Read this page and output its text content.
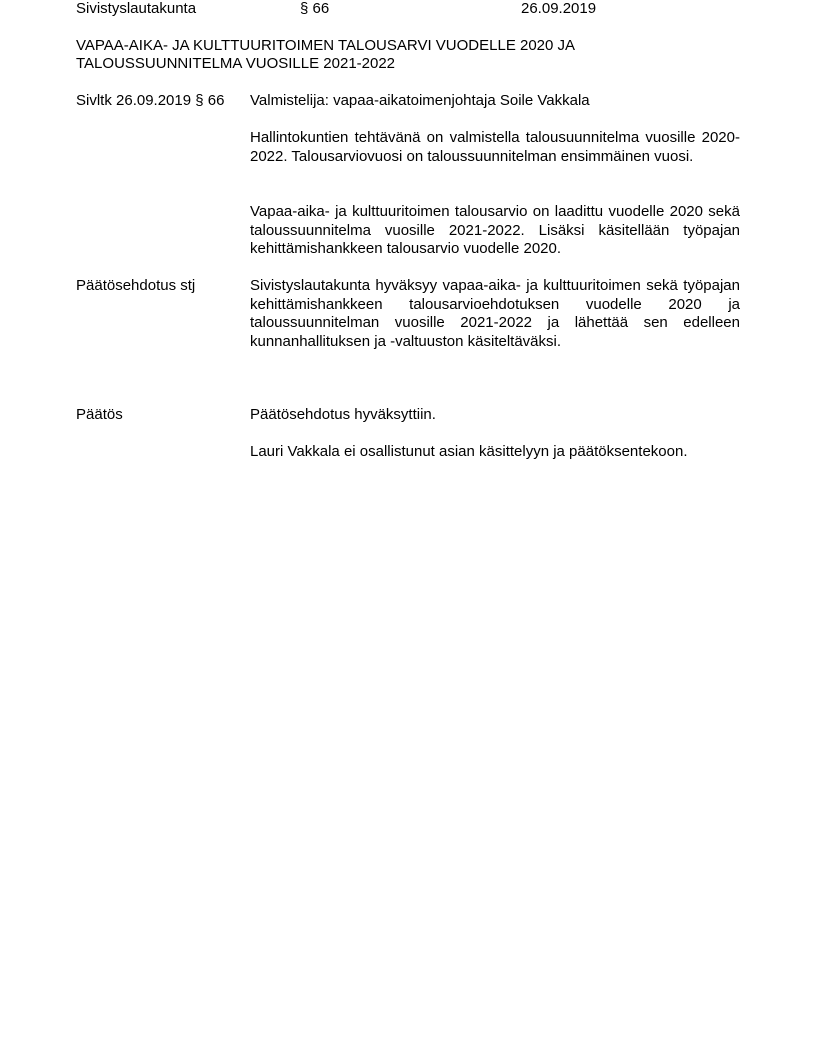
Sivistyslautakunta	§ 66	26.09.2019
VAPAA-AIKA- JA KULTTUURITOIMEN TALOUSARVI VUODELLE 2020 JA
TALOUSSUUNNITELMA VUOSILLE 2021-2022
Sivltk 26.09.2019 § 66 Valmistelija: vapaa-aikatoimenjohtaja Soile Vakkala
Hallintokuntien tehtävänä on valmistella talousuunnitelma vuosille 2020-2022. Talousarviovuosi on taloussuunnitelman ensimmäinen vuosi.
Vapaa-aika- ja kulttuuritoimen talousarvio on laadittu vuodelle 2020 sekä taloussuunnitelma vuosille 2021-2022. Lisäksi käsitellään työpajan kehittämishankkeen talousarvio vuodelle 2020.
Päätösehdotus stj	Sivistyslautakunta hyväksyy vapaa-aika- ja kulttuuritoimen sekä työpajan kehittämishankkeen talousarvioehdotuksen vuodelle 2020 ja taloussuunnitelman vuosille 2021-2022 ja lähettää sen edelleen kunnanhallituksen ja -valtuuston käsiteltäväksi.
Päätös	Päätösehdotus hyväksyttiin.
Lauri Vakkala ei osallistunut asian käsittelyyn ja päätöksentekoon.
